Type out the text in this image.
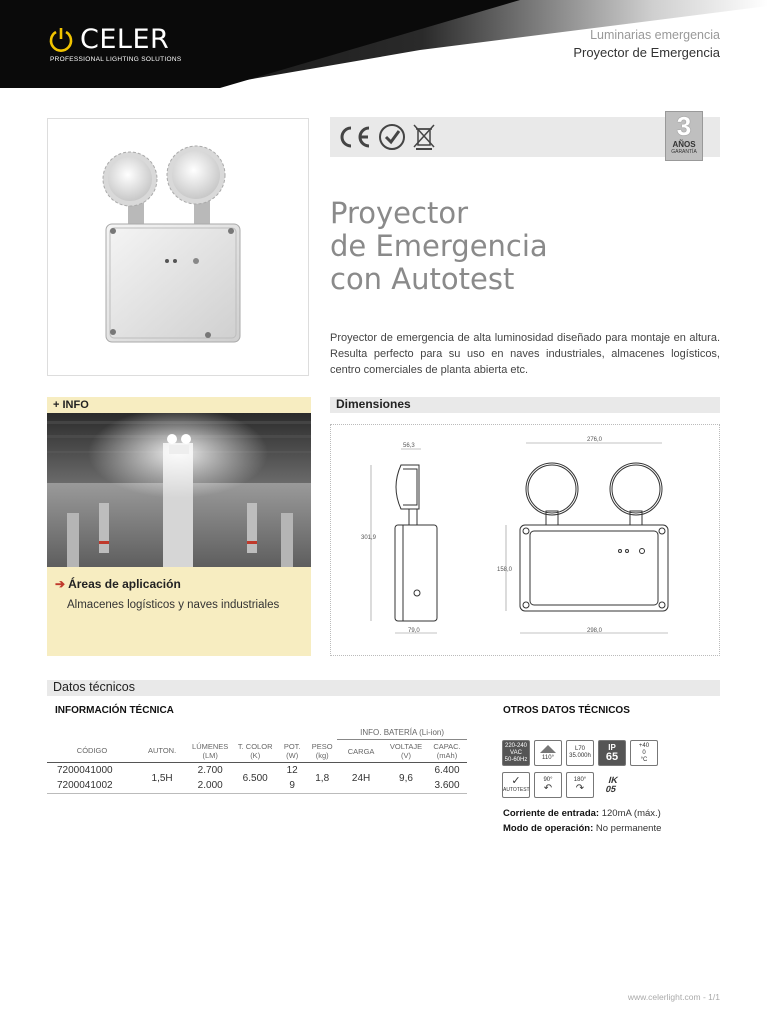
CELER
PROFESSIONAL LIGHTING SOLUTIONS
Luminarias emergencia
Proyector de Emergencia
3
AÑOS
GARANTÍA
Proyector
de Emergencia
con Autotest

Proyector de emergencia de alta luminosidad diseñado para montaje en altura. Resulta perfecto para su uso en naves industriales, almacenes logísticos, centro comerciales de planta abierta etc.

+ INFO
➔ Áreas de aplicación
Almacenes logísticos y naves industriales
Dimensiones
56,3
301,9
79,0
276,0
158,0
298,0
Datos técnicos
INFORMACIÓN TÉCNICA	OTROS DATOS TÉCNICOS
						INFO. BATERÍA (Li-ion)		
CÓDIGO	AUTON.	LÚMENES (LM)	T. COLOR (K)	POT. (W)	PESO (kg)	CARGA	VOLTAJE (V)	CAPAC. (mAh)
7200041000	1,5H	2.700	6.500	12	1,8	24H	9,6	6.400
7200041002		2.000		9				3.600
220-240
VAC
50-60Hz	110°
L70
35.000h
IP
65
+40
0
°C
✓
AUTOTEST
90°
↶
180°
↷
IK
05
Corriente de entrada: 120mA (máx.)
Modo de operación: No permanente
www.celerlight.com - 1/1
